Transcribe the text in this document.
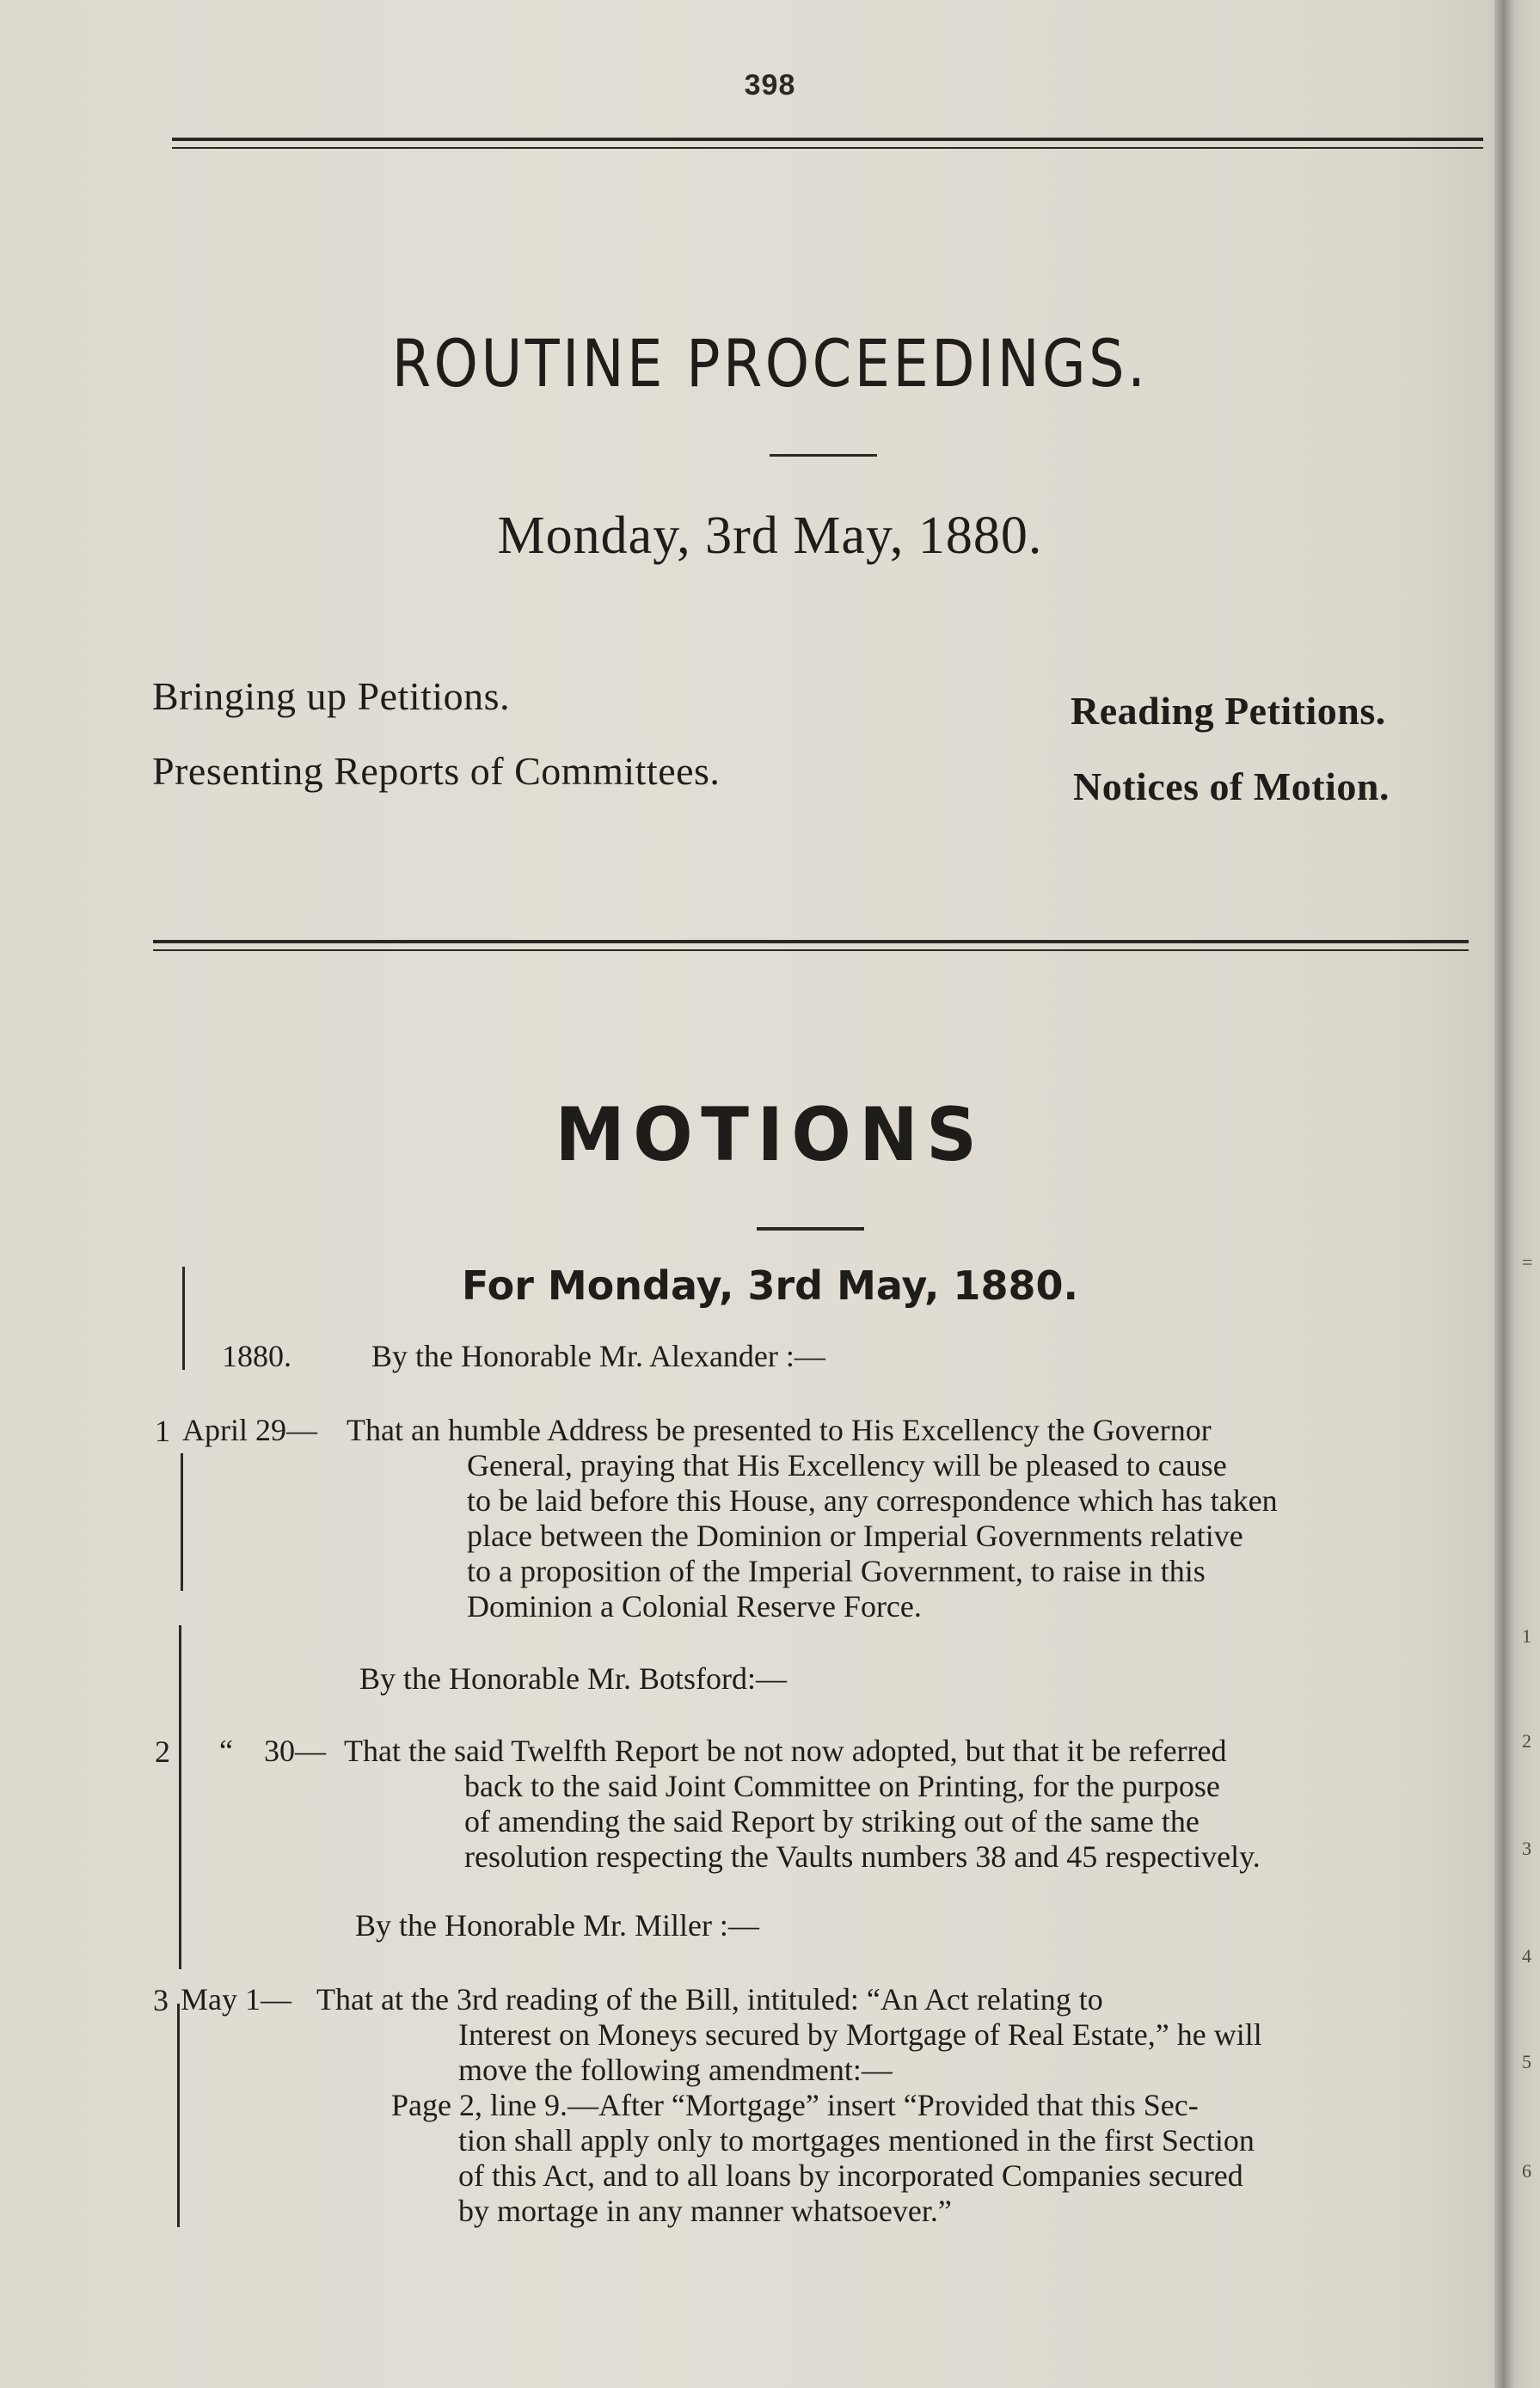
=
1
2
3
4
5
6
398
ROUTINE PROCEEDINGS.
Monday, 3rd May, 1880.
Bringing up Petitions.
Presenting Reports of Committees.
Reading Petitions.
Notices of Motion.
MOTIONS
For Monday, 3rd May, 1880.
1880.	By the Honorable Mr. Alexander :—
1 April 29— That an humble Address be presented to His Excellency the Governor
General, praying that His Excellency will be pleased to cause
to be laid before this House, any correspondence which has taken
place between the Dominion or Imperial Governments relative
to a proposition of the Imperial Government, to raise in this
Dominion a Colonial Reserve Force.
By the Honorable Mr. Botsford:—
2 “    30— That the said Twelfth Report be not now adopted, but that it be referred
back to the said Joint Committee on Printing, for the purpose
of amending the said Report by striking out of the same the
resolution respecting the Vaults numbers 38 and 45 respectively.
By the Honorable Mr. Miller :—
3 May 1— That at the 3rd reading of the Bill, intituled: “An Act relating to
Interest on Moneys secured by Mortgage of Real Estate,” he will
move the following amendment:—
Page 2, line 9.—After “Mortgage” insert “Provided that this Sec-
tion shall apply only to mortgages mentioned in the first Section
of this Act, and to all loans by incorporated Companies secured
by mortage in any manner whatsoever.”
